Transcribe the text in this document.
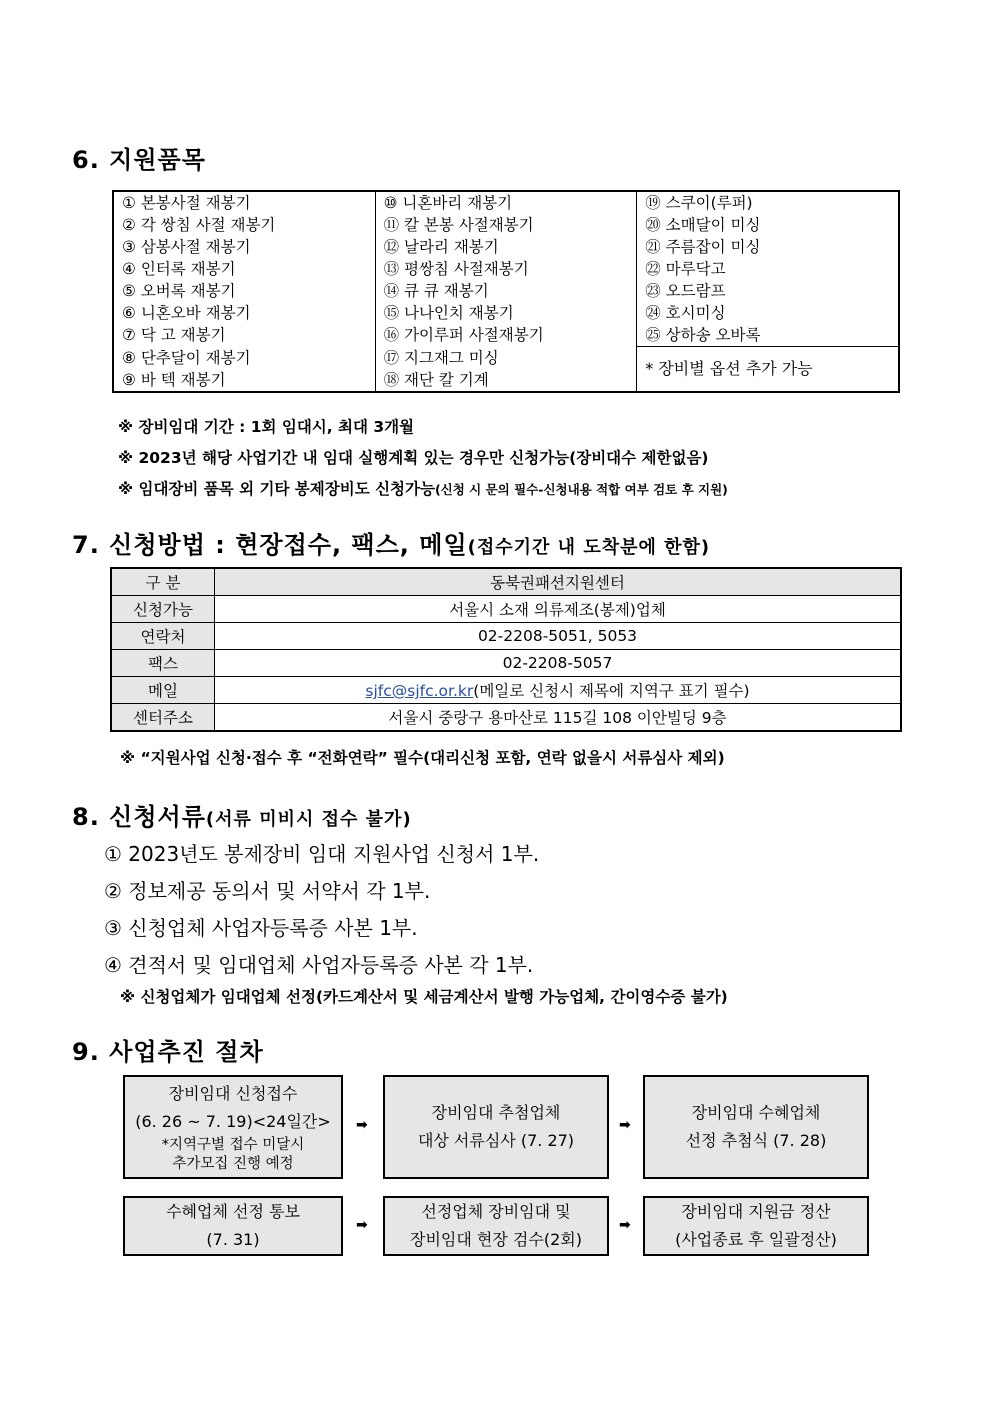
6. 지원품목
① 본봉사절 재봉기	⑩ 니혼바리 재봉기	⑲ 스쿠이(루퍼)
② 각 쌍침 사절 재봉기	⑪ 칼 본봉 사절재봉기	⑳ 소매달이 미싱
③ 삼봉사절 재봉기	⑫ 날라리 재봉기	㉑ 주름잡이 미싱
④ 인터록 재봉기	⑬ 평쌍침 사절재봉기	㉒ 마루닥고
⑤ 오버록 재봉기	⑭ 큐 큐 재봉기	㉓ 오드람프
⑥ 니혼오바 재봉기	⑮ 나나인치 재봉기	㉔ 호시미싱
⑦ 닥 고 재봉기	⑯ 가이루퍼 사절재봉기	㉕ 상하송 오바록
⑧ 단추달이 재봉기	⑰ 지그재그 미싱	* 장비별 옵션 추가 가능
⑨ 바 텍 재봉기	⑱ 재단 칼 기계	
※ 장비임대 기간 : 1회 임대시, 최대 3개월
※ 2023년 해당 사업기간 내 임대 실행계획 있는 경우만 신청가능(장비대수 제한없음)
※ 임대장비 품목 외 기타 봉제장비도 신청가능(신청 시 문의 필수-신청내용 적합 여부 검토 후 지원)
7. 신청방법 : 현장접수, 팩스, 메일(접수기간 내 도착분에 한함)
구 분	동북권패션지원센터
신청가능	서울시 소재 의류제조(봉제)업체
연락처	02-2208-5051, 5053
팩스	02-2208-5057
메일	sjfc@sjfc.or.kr(메일로 신청시 제목에 지역구 표기 필수)
센터주소	서울시 중랑구 용마산로 115길 108 이안빌딩 9층
※ “지원사업 신청·접수 후 “전화연락” 필수(대리신청 포함, 연락 없을시 서류심사 제외)
8. 신청서류(서류 미비시 접수 불가)
① 2023년도 봉제장비 임대 지원사업 신청서 1부.
② 정보제공 동의서 및 서약서 각 1부.
③ 신청업체 사업자등록증 사본 1부.
④ 견적서 및 임대업체 사업자등록증 사본 각 1부.
※ 신청업체가 임대업체 선정(카드계산서 및 세금계산서 발행 가능업체, 간이영수증 불가)
9. 사업추진 절차
장비임대 신청접수
(6. 26 ~ 7. 19)<24일간>
*지역구별 접수 미달시
추가모집 진행 예정
➡
장비임대 추첨업체
대상 서류심사 (7. 27)
➡
장비임대 수혜업체
선정 추첨식 (7. 28)
수혜업체 선정 통보
(7. 31)
➡
선정업체 장비임대 및
장비임대 현장 검수(2회)
➡
장비임대 지원금 정산
(사업종료 후 일괄정산)
